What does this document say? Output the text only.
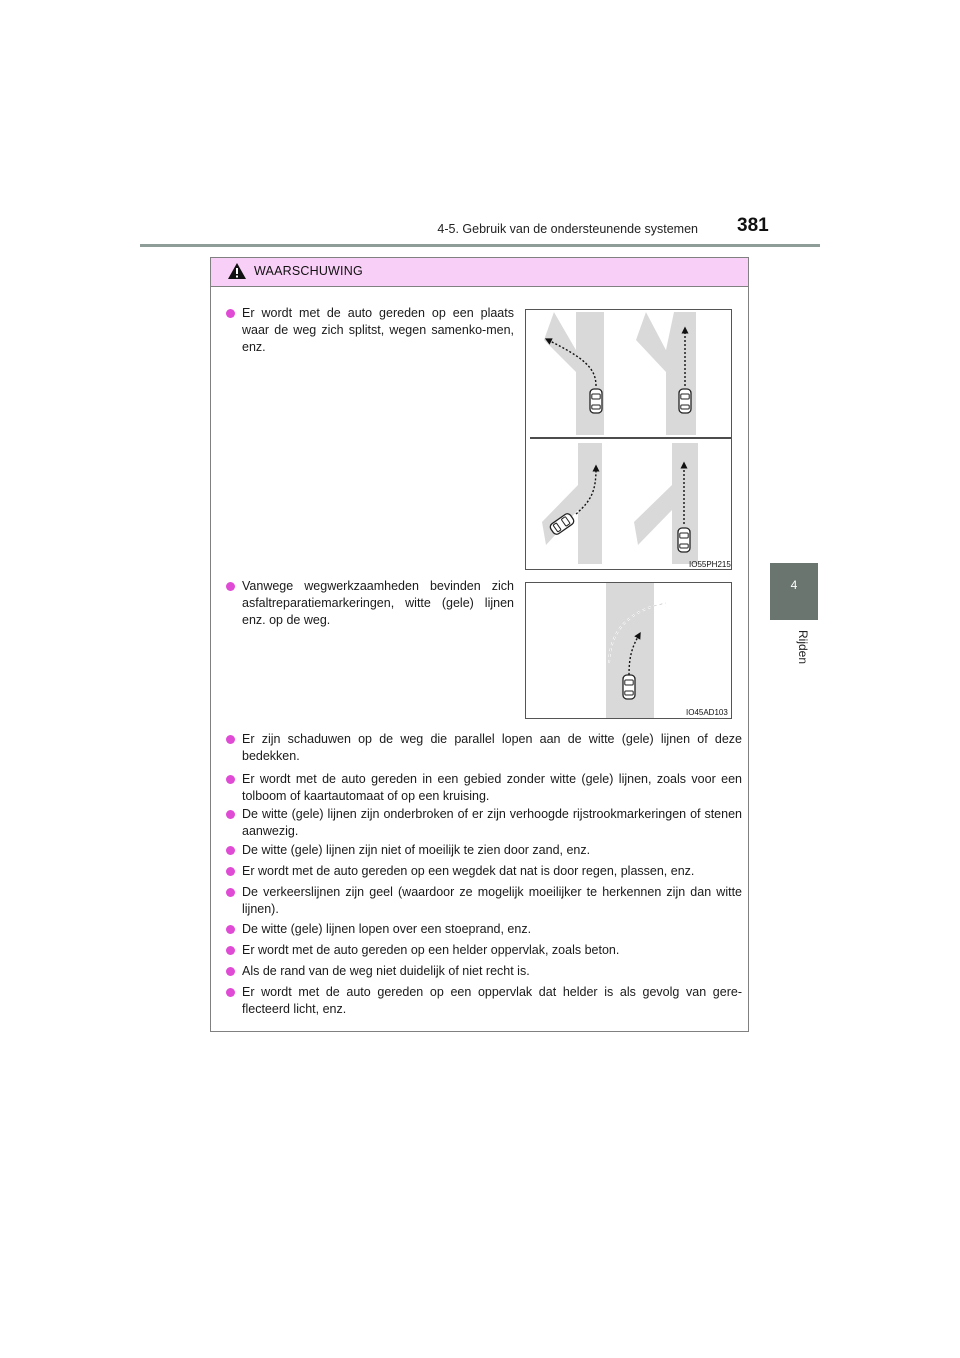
4-5. Gebruik van de ondersteunende systemen 381
4
Rijden
WAARSCHUWING
Er wordt met de auto gereden op een plaats waar de weg zich splitst, wegen samenko-men, enz.
Vanwege wegwerkzaamheden bevinden zich asfaltreparatiemarkeringen, witte (gele) lijnen enz. op de weg.
Er zijn schaduwen op de weg die parallel lopen aan de witte (gele) lijnen of deze bedekken.
Er wordt met de auto gereden in een gebied zonder witte (gele) lijnen, zoals voor een tolboom of kaartautomaat of op een kruising.
De witte (gele) lijnen zijn onderbroken of er zijn verhoogde rijstrookmarkeringen of stenen aanwezig.
De witte (gele) lijnen zijn niet of moeilijk te zien door zand, enz.
Er wordt met de auto gereden op een wegdek dat nat is door regen, plassen, enz.
De verkeerslijnen zijn geel (waardoor ze mogelijk moeilijker te herkennen zijn dan witte lijnen).
De witte (gele) lijnen lopen over een stoeprand, enz.
Er wordt met de auto gereden op een helder oppervlak, zoals beton.
Als de rand van de weg niet duidelijk of niet recht is.
Er wordt met de auto gereden op een oppervlak dat helder is als gevolg van gere-flecteerd licht, enz.
IO55PH215
IO45AD103
